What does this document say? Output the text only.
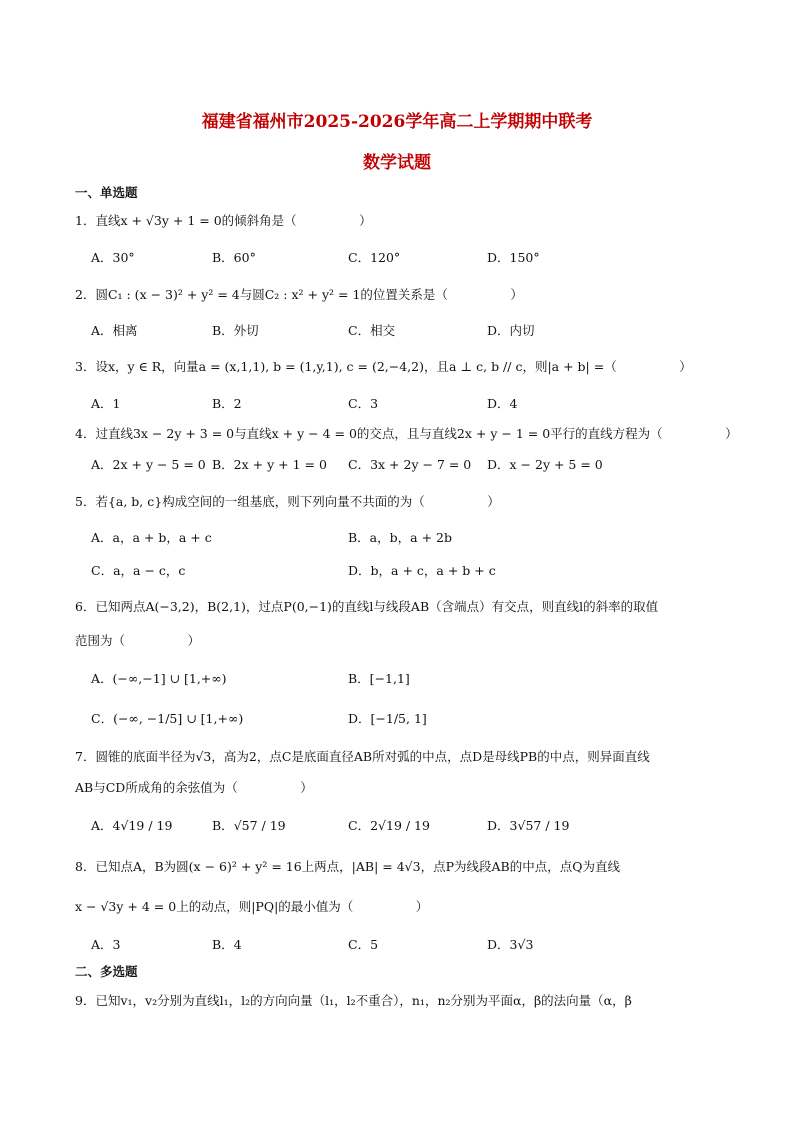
福建省福州市2025-2026学年高二上学期期中联考
数学试题
一、单选题
1．直线x + √3y + 1 = 0的倾斜角是（　　　　　）
A．30°	B．60°	C．120°	D．150°
2．圆C₁ : (x − 3)² + y² = 4与圆C₂ : x² + y² = 1的位置关系是（　　　　　）
A．相离	B．外切	C．相交	D．内切
3．设x，y ∈ R，向量a = (x,1,1), b = (1,y,1), c = (2,−4,2)，且a ⊥ c, b // c，则|a + b| =（　　　　　）
A．1	B．2	C．3	D．4
4．过直线3x − 2y + 3 = 0与直线x + y − 4 = 0的交点，且与直线2x + y − 1 = 0平行的直线方程为（　　　　　）
A．2x + y − 5 = 0 B．2x + y + 1 = 0 C．3x + 2y − 7 = 0 D．x − 2y + 5 = 0
5．若{a, b, c}构成空间的一组基底，则下列向量不共面的为（　　　　　）
A．a，a + b，a + c	B．a，b，a + 2b
C．a，a − c，c	D．b，a + c，a + b + c
6．已知两点A(−3,2)，B(2,1)，过点P(0,−1)的直线l与线段AB（含端点）有交点，则直线l的斜率的取值
范围为（　　　　　）
A．(−∞,−1] ∪ [1,+∞)	B．[−1,1]
C．(−∞, −1/5] ∪ [1,+∞)	D．[−1/5, 1]
7．圆锥的底面半径为√3，高为2，点C是底面直径AB所对弧的中点，点D是母线PB的中点，则异面直线
AB与CD所成角的余弦值为（　　　　　）
A．4√19 / 19	B．√57 / 19	C．2√19 / 19	D．3√57 / 19
8．已知点A，B为圆(x − 6)² + y² = 16上两点，|AB| = 4√3，点P为线段AB的中点，点Q为直线
x − √3y + 4 = 0上的动点，则|PQ|的最小值为（　　　　　）
A．3	B．4	C．5	D．3√3
二、多选题
9．已知v₁，v₂分别为直线l₁，l₂的方向向量（l₁，l₂不重合），n₁，n₂分别为平面α，β的法向量（α，β
